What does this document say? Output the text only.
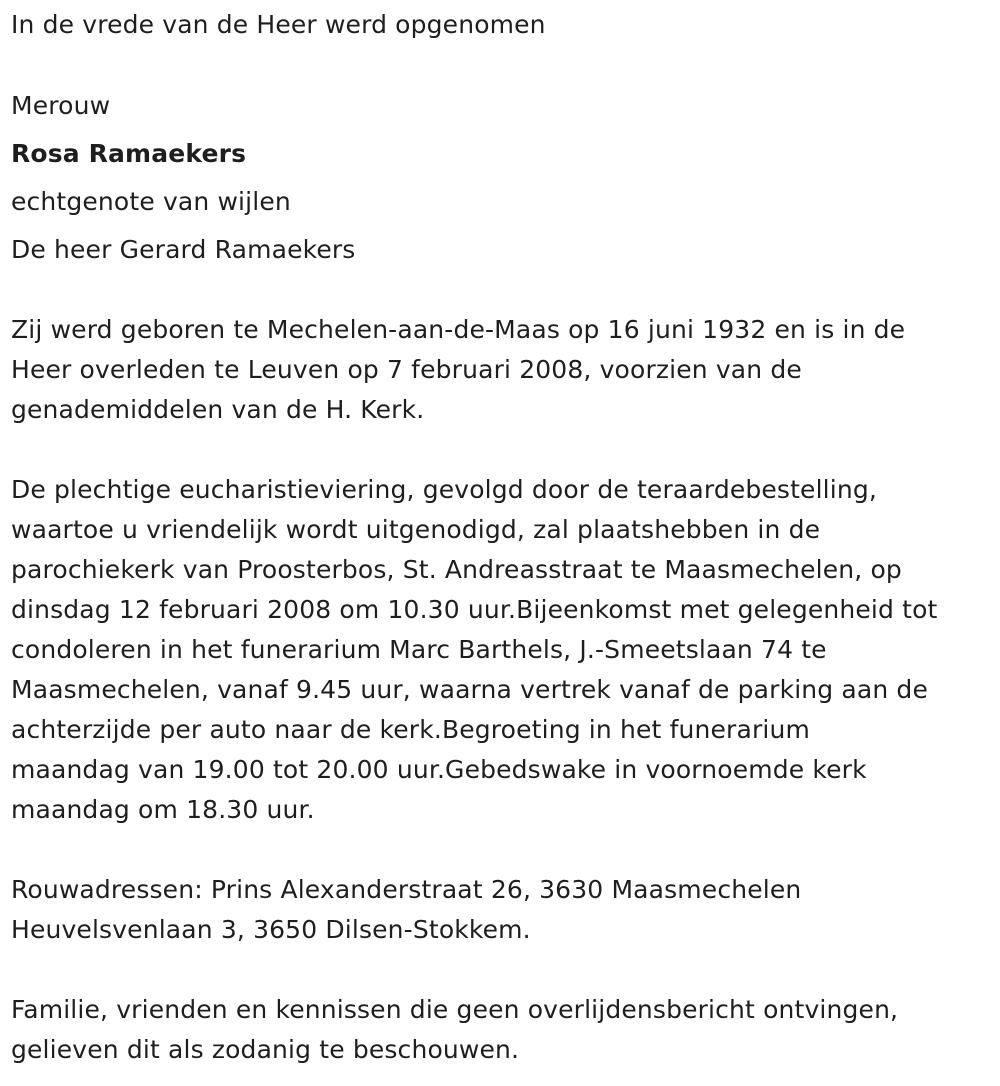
In de vrede van de Heer werd opgenomen
Merouw
Rosa Ramaekers
echtgenote van wijlen
De heer Gerard Ramaekers
Zij werd geboren te Mechelen-aan-de-Maas op 16 juni 1932 en is in de
Heer overleden te Leuven op 7 februari 2008, voorzien van de
genademiddelen van de H. Kerk.
De plechtige eucharistieviering, gevolgd door de teraardebestelling,
waartoe u vriendelijk wordt uitgenodigd, zal plaatshebben in de
parochiekerk van Proosterbos, St. Andreasstraat te Maasmechelen, op
dinsdag 12 februari 2008 om 10.30 uur.Bijeenkomst met gelegenheid tot
condoleren in het funerarium Marc Barthels, J.-Smeetslaan 74 te
Maasmechelen, vanaf 9.45 uur, waarna vertrek vanaf de parking aan de
achterzijde per auto naar de kerk.Begroeting in het funerarium
maandag van 19.00 tot 20.00 uur.Gebedswake in voornoemde kerk
maandag om 18.30 uur.
Rouwadressen: Prins Alexanderstraat 26, 3630 Maasmechelen
Heuvelsvenlaan 3, 3650 Dilsen-Stokkem.
Familie, vrienden en kennissen die geen overlijdensbericht ontvingen,
gelieven dit als zodanig te beschouwen.
